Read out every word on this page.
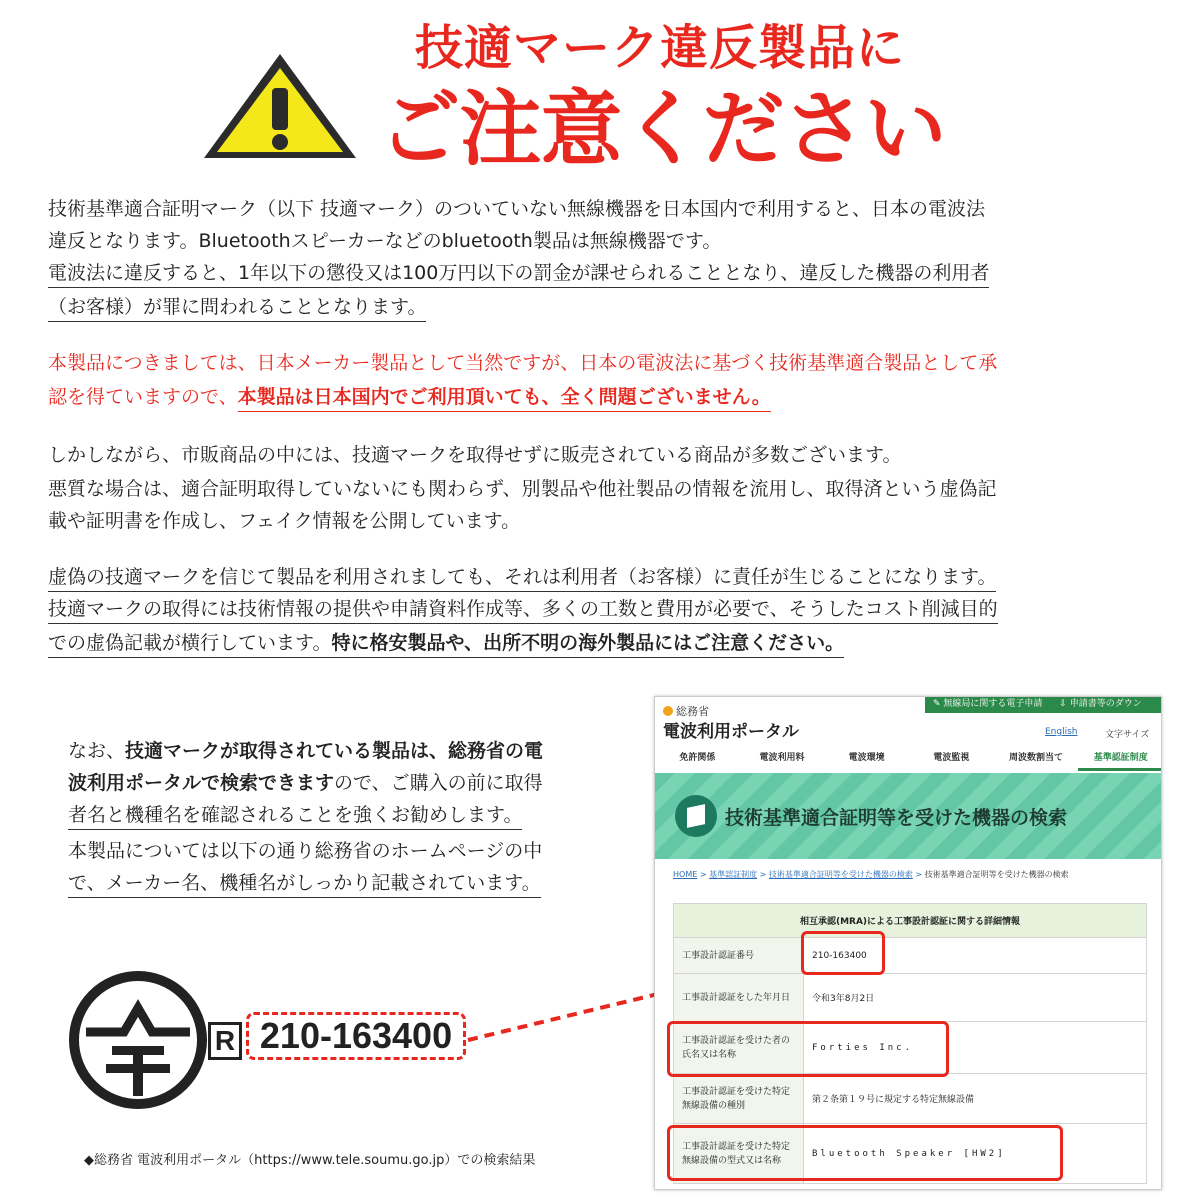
技適マーク違反製品に
ご注意ください
技術基準適合証明マーク（以下 技適マーク）のついていない無線機器を日本国内で利用すると、日本の電波法
違反となります。Bluetoothスピーカーなどのbluetooth製品は無線機器です。
電波法に違反すると、1年以下の懲役又は100万円以下の罰金が課せられることとなり、違反した機器の利用者
（お客様）が罪に問われることとなります。
本製品につきましては、日本メーカー製品として当然ですが、日本の電波法に基づく技術基準適合製品として承
認を得ていますので、本製品は日本国内でご利用頂いても、全く問題ございません。
しかしながら、市販商品の中には、技適マークを取得せずに販売されている商品が多数ございます。
悪質な場合は、適合証明取得していないにも関わらず、別製品や他社製品の情報を流用し、取得済という虚偽記
載や証明書を作成し、フェイク情報を公開しています。
虚偽の技適マークを信じて製品を利用されましても、それは利用者（お客様）に責任が生じることになります。
技適マークの取得には技術情報の提供や申請資料作成等、多くの工数と費用が必要で、そうしたコスト削減目的
での虚偽記載が横行しています。特に格安製品や、出所不明の海外製品にはご注意ください。
なお、技適マークが取得されている製品は、総務省の電
波利用ポータルで検索できますので、ご購入の前に取得
者名と機種名を確認されることを強くお勧めします。
本製品については以下の通り総務省のホームページの中
で、メーカー名、機種名がしっかり記載されています。
R 210-163400
◆総務省 電波利用ポータル（https://www.tele.soumu.go.jp）での検索結果
✎ 無線局に関する電子申請 ⇩ 申請書等のダウン
総務省
電波利用ポータル	English	文字サイズ
免許関係	電波利用料	電波環境	電波監視	周波数割当て	基準認証制度
技術基準適合証明等を受けた機器の検索
HOME > 基準認証制度 > 技術基準適合証明等を受けた機器の検索 > 技術基準適合証明等を受けた機器の検索
相互承認(MRA)による工事設計認証に関する詳細情報	
工事設計認証番号	210-163400
工事設計認証をした年月日	令和3年8月2日
工事設計認証を受けた者の氏名又は名称	Forties Inc.
工事設計認証を受けた特定無線設備の種別	第２条第１９号に規定する特定無線設備
工事設計認証を受けた特定無線設備の型式又は名称	Bluetooth Speaker [HW2]
